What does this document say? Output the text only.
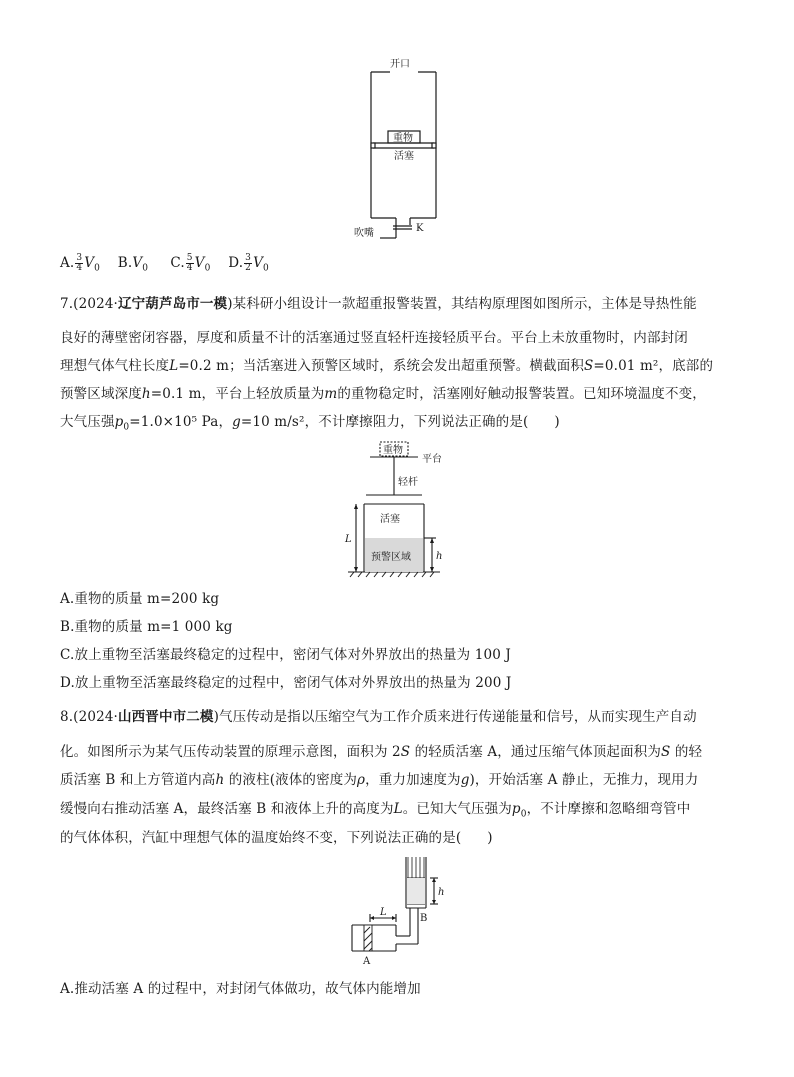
开口
重物
活塞
吹嘴	K
A. $\frac{3}{4} V_0$ $B.V_0$ C. $\frac{5}{4} V_0$ D. $\frac{3}{2} V_0$
7.(2024·辽宁葫芦岛市一模)某科研小组设计一款超重报警装置，其结构原理图如图所示，主体是导热性能
良好的薄壁密闭容器，厚度和质量不计的活塞通过竖直轻杆连接轻质平台。平台上未放重物时，内部封闭
理想气体气柱长度L=0.2 m；当活塞进入预警区域时，系统会发出超重预警。横截面积S=0.01 m²，底部的
预警区域深度h=0.1 m，平台上轻放质量为m的重物稳定时，活塞刚好触动报警装置。已知环境温度不变，
大气压强$p_0=1.0\times 10^5$ Pa，g=10 m/s²，不计摩擦阻力，下列说法正确的是( )
重物
平台
轻杆
活塞
预警区域
L
h
A.重物的质量 m=200 kg
B.重物的质量 m=1 000 kg
C.放上重物至活塞最终稳定的过程中，密闭气体对外界放出的热量为 100 J
D.放上重物至活塞最终稳定的过程中，密闭气体对外界放出的热量为 200 J
8.(2024·山西晋中市二模)气压传动是指以压缩空气为工作介质来进行传递能量和信号，从而实现生产自动
化。如图所示为某气压传动装置的原理示意图，面积为 2S 的轻质活塞 A，通过压缩气体顶起面积为S 的轻
质活塞 B 和上方管道内高h 的液柱(液体的密度为ρ，重力加速度为g)，开始活塞 A 静止，无推力，现用力
缓慢向右推动活塞 A，最终活塞 B 和液体上升的高度为L。已知大气压强为$p_0$，不计摩擦和忽略细弯管中
的气体体积，汽缸中理想气体的温度始终不变，下列说法正确的是( )
L
h
A
B
A.推动活塞 A 的过程中，对封闭气体做功，故气体内能增加
